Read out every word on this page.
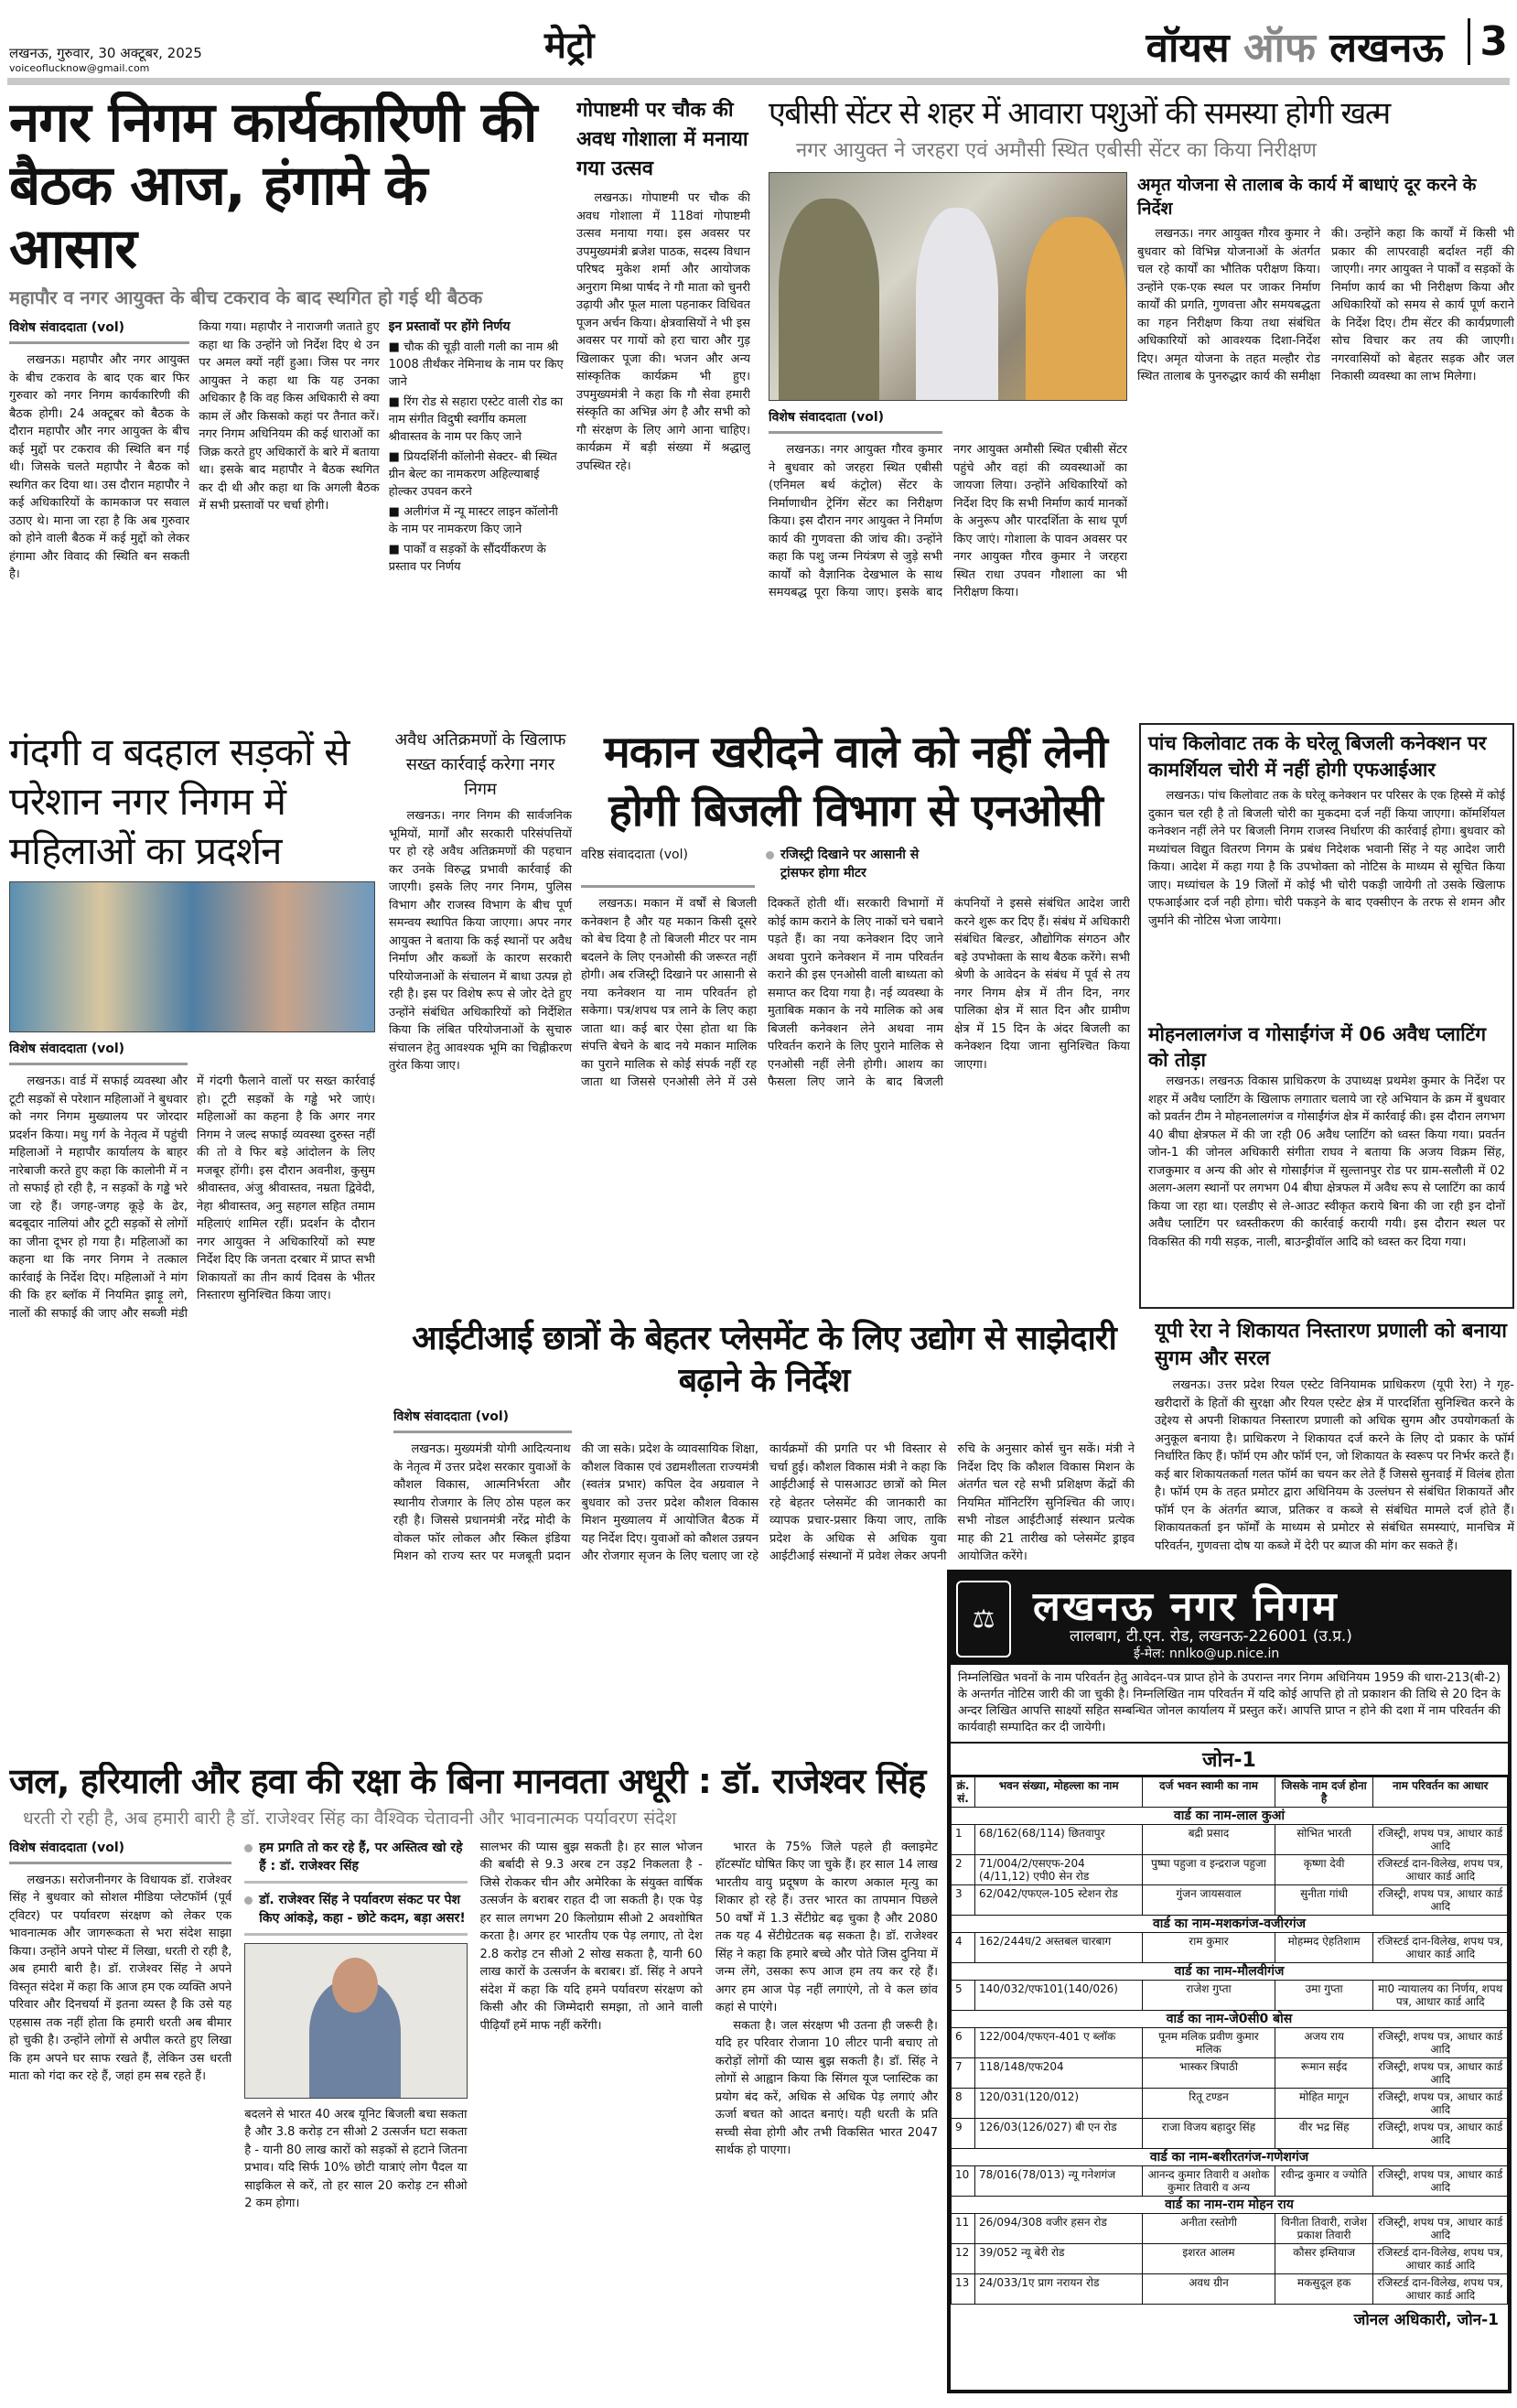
लखनऊ, गुरुवार, 30 अक्टूबर, 2025
voiceoflucknow@gmail.com
मेट्रो	वॉयस ऑफ लखनऊ 3
नगर निगम कार्यकारिणी की बैठक आज, हंगामे के आसार
महापौर व नगर आयुक्त के बीच टकराव के बाद स्थगित हो गई थी बैठक
विशेष संवाददाता (vol)

लखनऊ। महापौर और नगर आयुक्त के बीच टकराव के बाद एक बार फिर गुरुवार को नगर निगम कार्यकारिणी की बैठक होगी। 24 अक्टूबर को बैठक के दौरान महापौर और नगर आयुक्त के बीच कई मुद्दों पर टकराव की स्थिति बन गई थी। जिसके चलते महापौर ने बैठक को स्थगित कर दिया था। उस दौरान महापौर ने कई अधिकारियों के कामकाज पर सवाल उठाए थे। माना जा रहा है कि अब गुरुवार को होने वाली बैठक में कई मुद्दों को लेकर हंगामा और विवाद की स्थिति बन सकती है।

किया गया। महापौर ने नाराजगी जताते हुए कहा था कि उन्होंने जो निर्देश दिए थे उन पर अमल क्यों नहीं हुआ। जिस पर नगर आयुक्त ने कहा था कि यह उनका अधिकार है कि वह किस अधिकारी से क्या काम लें और किसको कहां पर तैनात करें। नगर निगम अधिनियम की कई धाराओं का जिक्र करते हुए अधिकारों के बारे में बताया था। इसके बाद महापौर ने बैठक स्थगित कर दी थी और कहा था कि अगली बैठक में सभी प्रस्तावों पर चर्चा होगी।

इन प्रस्तावों पर होंगे निर्णय
■ चौक की चूड़ी वाली गली का नाम श्री 1008 तीर्थंकर नेमिनाथ के नाम पर किए जाने
■ रिंग रोड से सहारा एस्टेट वाली रोड का नाम संगीत विदुषी स्वर्गीय कमला श्रीवास्तव के नाम पर किए जाने
■ प्रियदर्शिनी कॉलोनी सेक्टर- बी स्थित ग्रीन बेल्ट का नामकरण अहिल्याबाई होल्कर उपवन करने
■ अलीगंज में न्यू मास्टर लाइन कॉलोनी के नाम पर नामकरण किए जाने
■ पार्कों व सड़कों के सौंदर्यीकरण के प्रस्ताव पर निर्णय
गोपाष्टमी पर चौक की अवध गोशाला में मनाया गया उत्सव

लखनऊ। गोपाष्टमी पर चौक की अवध गोशाला में 118वां गोपाष्टमी उत्सव मनाया गया। इस अवसर पर उपमुख्यमंत्री ब्रजेश पाठक, सदस्य विधान परिषद मुकेश शर्मा और आयोजक अनुराग मिश्रा पार्षद ने गौ माता को चुनरी उढ़ायी और फूल माला पहनाकर विधिवत पूजन अर्चन किया। क्षेत्रवासियों ने भी इस अवसर पर गायों को हरा चारा और गुड़ खिलाकर पूजा की। भजन और अन्य सांस्कृतिक कार्यक्रम भी हुए। उपमुख्यमंत्री ने कहा कि गौ सेवा हमारी संस्कृति का अभिन्न अंग है और सभी को गौ संरक्षण के लिए आगे आना चाहिए। कार्यक्रम में बड़ी संख्या में श्रद्धालु उपस्थित रहे।

एबीसी सेंटर से शहर में आवारा पशुओं की समस्या होगी खत्म
नगर आयुक्त ने जरहरा एवं अमौसी स्थित एबीसी सेंटर का किया निरीक्षण
विशेष संवाददाता (vol)

लखनऊ। नगर आयुक्त गौरव कुमार ने बुधवार को जरहरा स्थित एबीसी (एनिमल बर्थ कंट्रोल) सेंटर के निर्माणाधीन ट्रेनिंग सेंटर का निरीक्षण किया। इस दौरान नगर आयुक्त ने निर्माण कार्य की गुणवत्ता की जांच की। उन्होंने कहा कि पशु जन्म नियंत्रण से जुड़े सभी कार्यों को वैज्ञानिक देखभाल के साथ समयबद्ध पूरा किया जाए। इसके बाद नगर आयुक्त अमौसी स्थित एबीसी सेंटर पहुंचे और वहां की व्यवस्थाओं का जायजा लिया। उन्होंने अधिकारियों को निर्देश दिए कि सभी निर्माण कार्य मानकों के अनुरूप और पारदर्शिता के साथ पूर्ण किए जाएं। गोशाला के पावन अवसर पर नगर आयुक्त गौरव कुमार ने जरहरा स्थित राधा उपवन गौशाला का भी निरीक्षण किया।

अमृत योजना से तालाब के कार्य में बाधाएं दूर करने के निर्देश

लखनऊ। नगर आयुक्त गौरव कुमार ने बुधवार को विभिन्न योजनाओं के अंतर्गत चल रहे कार्यों का भौतिक परीक्षण किया। उन्होंने एक-एक स्थल पर जाकर निर्माण कार्यों की प्रगति, गुणवत्ता और समयबद्धता का गहन निरीक्षण किया तथा संबंधित अधिकारियों को आवश्यक दिशा-निर्देश दिए। अमृत योजना के तहत मल्हौर रोड स्थित तालाब के पुनरुद्धार कार्य की समीक्षा की। उन्होंने कहा कि कार्यों में किसी भी प्रकार की लापरवाही बर्दाश्त नहीं की जाएगी। नगर आयुक्त ने पार्कों व सड़कों के निर्माण कार्य का भी निरीक्षण किया और अधिकारियों को समय से कार्य पूर्ण कराने के निर्देश दिए। टीम सेंटर की कार्यप्रणाली सोच विचार कर तय की जाएगी। नगरवासियों को बेहतर सड़क और जल निकासी व्यवस्था का लाभ मिलेगा।

गंदगी व बदहाल सड़कों से परेशान नगर निगम में महिलाओं का प्रदर्शन
विशेष संवाददाता (vol)

लखनऊ। वार्ड में सफाई व्यवस्था और टूटी सड़कों से परेशान महिलाओं ने बुधवार को नगर निगम मुख्यालय पर जोरदार प्रदर्शन किया। मधु गर्ग के नेतृत्व में पहुंची महिलाओं ने महापौर कार्यालय के बाहर नारेबाजी करते हुए कहा कि कालोनी में न तो सफाई हो रही है, न सड़कों के गड्ढे भरे जा रहे हैं। जगह-जगह कूड़े के ढेर, बदबूदार नालियां और टूटी सड़कों से लोगों का जीना दूभर हो गया है। महिलाओं का कहना था कि नगर निगम ने तत्काल कार्रवाई के निर्देश दिए। महिलाओं ने मांग की कि हर ब्लॉक में नियमित झाड़ू लगे, नालों की सफाई की जाए और सब्जी मंडी में गंदगी फैलाने वालों पर सख्त कार्रवाई हो। टूटी सड़कों के गड्ढे भरे जाएं। महिलाओं का कहना है कि अगर नगर निगम ने जल्द सफाई व्यवस्था दुरुस्त नहीं की तो वे फिर बड़े आंदोलन के लिए मजबूर होंगी। इस दौरान अवनीश, कुसुम श्रीवास्तव, अंजु श्रीवास्तव, नम्रता द्विवेदी, नेहा श्रीवास्तव, अनु सहगल सहित तमाम महिलाएं शामिल रहीं। प्रदर्शन के दौरान नगर आयुक्त ने अधिकारियों को स्पष्ट निर्देश दिए कि जनता दरबार में प्राप्त सभी शिकायतों का तीन कार्य दिवस के भीतर निस्तारण सुनिश्चित किया जाए।

अवैध अतिक्रमणों के खिलाफ सख्त कार्रवाई करेगा नगर निगम

लखनऊ। नगर निगम की सार्वजनिक भूमियों, मार्गों और सरकारी परिसंपत्तियों पर हो रहे अवैध अतिक्रमणों की पहचान कर उनके विरुद्ध प्रभावी कार्रवाई की जाएगी। इसके लिए नगर निगम, पुलिस विभाग और राजस्व विभाग के बीच पूर्ण समन्वय स्थापित किया जाएगा। अपर नगर आयुक्त ने बताया कि कई स्थानों पर अवैध निर्माण और कब्जों के कारण सरकारी परियोजनाओं के संचालन में बाधा उत्पन्न हो रही है। इस पर विशेष रूप से जोर देते हुए उन्होंने संबंधित अधिकारियों को निर्देशित किया कि लंबित परियोजनाओं के सुचारु संचालन हेतु आवश्यक भूमि का चिह्नीकरण तुरंत किया जाए।

मकान खरीदने वाले को नहीं लेनी होगी बिजली विभाग से एनओसी
वरिष्ठ संवाददाता (vol)	रजिस्ट्री दिखाने पर आसानी से ट्रांसफर होगा मीटर

लखनऊ। मकान में वर्षों से बिजली कनेक्शन है और यह मकान किसी दूसरे को बेच दिया है तो बिजली मीटर पर नाम बदलने के लिए एनओसी की जरूरत नहीं होगी। अब रजिस्ट्री दिखाने पर आसानी से नया कनेक्शन या नाम परिवर्तन हो सकेगा। पत्र/शपथ पत्र लाने के लिए कहा जाता था। कई बार ऐसा होता था कि संपत्ति बेचने के बाद नये मकान मालिक का पुराने मालिक से कोई संपर्क नहीं रह जाता था जिससे एनओसी लेने में उसे दिक्कतें होती थीं। सरकारी विभागों में कोई काम कराने के लिए नाकों चने चबाने पड़ते हैं। का नया कनेक्शन दिए जाने अथवा पुराने कनेक्शन में नाम परिवर्तन कराने की इस एनओसी वाली बाध्यता को समाप्त कर दिया गया है। नई व्यवस्था के मुताबिक मकान के नये मालिक को अब बिजली कनेक्शन लेने अथवा नाम परिवर्तन कराने के लिए पुराने मालिक से एनओसी नहीं लेनी होगी। आशय का फैसला लिए जाने के बाद बिजली कंपनियों ने इससे संबंधित आदेश जारी करने शुरू कर दिए हैं। संबंध में अधिकारी संबंधित बिल्डर, औद्योगिक संगठन और बड़े उपभोक्ता के साथ बैठक करेंगे। सभी श्रेणी के आवेदन के संबंध में पूर्व से तय नगर निगम क्षेत्र में तीन दिन, नगर पालिका क्षेत्र में सात दिन और ग्रामीण क्षेत्र में 15 दिन के अंदर बिजली का कनेक्शन दिया जाना सुनिश्चित किया जाएगा।

पांच किलोवाट तक के घरेलू बिजली कनेक्शन पर कामर्शियल चोरी में नहीं होगी एफआईआर

लखनऊ। पांच किलोवाट तक के घरेलू कनेक्शन पर परिसर के एक हिस्से में कोई दुकान चल रही है तो बिजली चोरी का मुकदमा दर्ज नहीं किया जाएगा। कॉमर्शियल कनेक्शन नहीं लेने पर बिजली निगम राजस्व निर्धारण की कार्रवाई होगा। बुधवार को मध्यांचल विद्युत वितरण निगम के प्रबंध निदेशक भवानी सिंह ने यह आदेश जारी किया। आदेश में कहा गया है कि उपभोक्ता को नोटिस के माध्यम से सूचित किया जाए। मध्यांचल के 19 जिलों में कोई भी चोरी पकड़ी जायेगी तो उसके खिलाफ एफआईआर दर्ज नही होगा। चोरी पकड़ने के बाद एक्सीएन के तरफ से शमन और जुर्माने की नोटिस भेजा जायेगा।

मोहनलालगंज व गोसाईंगंज में 06 अवैध प्लाटिंग को तोड़ा

लखनऊ। लखनऊ विकास प्राधिकरण के उपाध्यक्ष प्रथमेश कुमार के निर्देश पर शहर में अवैध प्लाटिंग के खिलाफ लगातार चलाये जा रहे अभियान के क्रम में बुधवार को प्रवर्तन टीम ने मोहनलालगंज व गोसाईंगंज क्षेत्र में कार्रवाई की। इस दौरान लगभग 40 बीघा क्षेत्रफल में की जा रही 06 अवैध प्लाटिंग को ध्वस्त किया गया। प्रवर्तन जोन-1 की जोनल अधिकारी संगीता राघव ने बताया कि अजय विक्रम सिंह, राजकुमार व अन्य की ओर से गोसाईंगंज में सुल्तानपुर रोड पर ग्राम-सलौली में 02 अलग-अलग स्थानों पर लगभग 04 बीघा क्षेत्रफल में अवैध रूप से प्लाटिंग का कार्य किया जा रहा था। एलडीए से ले-आउट स्वीकृत कराये बिना की जा रही इन दोनों अवैध प्लाटिंग पर ध्वस्तीकरण की कार्रवाई करायी गयी। इस दौरान स्थल पर विकसित की गयी सड़क, नाली, बाउन्ड्रीवॉल आदि को ध्वस्त कर दिया गया।

आईटीआई छात्रों के बेहतर प्लेसमेंट के लिए उद्योग से साझेदारी बढ़ाने के निर्देश
विशेष संवाददाता (vol)

लखनऊ। मुख्यमंत्री योगी आदित्यनाथ के नेतृत्व में उत्तर प्रदेश सरकार युवाओं के कौशल विकास, आत्मनिर्भरता और स्थानीय रोजगार के लिए ठोस पहल कर रही है। जिससे प्रधानमंत्री नरेंद्र मोदी के वोकल फॉर लोकल और स्किल इंडिया मिशन को राज्य स्तर पर मजबूती प्रदान की जा सके। प्रदेश के व्यावसायिक शिक्षा, कौशल विकास एवं उद्यमशीलता राज्यमंत्री (स्वतंत्र प्रभार) कपिल देव अग्रवाल ने बुधवार को उत्तर प्रदेश कौशल विकास मिशन मुख्यालय में आयोजित बैठक में यह निर्देश दिए। युवाओं को कौशल उन्नयन और रोजगार सृजन के लिए चलाए जा रहे कार्यक्रमों की प्रगति पर भी विस्तार से चर्चा हुई। कौशल विकास मंत्री ने कहा कि आईटीआई से पासआउट छात्रों को मिल रहे बेहतर प्लेसमेंट की जानकारी का व्यापक प्रचार-प्रसार किया जाए, ताकि प्रदेश के अधिक से अधिक युवा आईटीआई संस्थानों में प्रवेश लेकर अपनी रुचि के अनुसार कोर्स चुन सकें। मंत्री ने निर्देश दिए कि कौशल विकास मिशन के अंतर्गत चल रहे सभी प्रशिक्षण केंद्रों की नियमित मॉनिटरिंग सुनिश्चित की जाए। सभी नोडल आईटीआई संस्थान प्रत्येक माह की 21 तारीख को प्लेसमेंट ड्राइव आयोजित करेंगे।

यूपी रेरा ने शिकायत निस्तारण प्रणाली को बनाया सुगम और सरल

लखनऊ। उत्तर प्रदेश रियल एस्टेट विनियामक प्राधिकरण (यूपी रेरा) ने गृह-खरीदारों के हितों की सुरक्षा और रियल एस्टेट क्षेत्र में पारदर्शिता सुनिश्चित करने के उद्देश्य से अपनी शिकायत निस्तारण प्रणाली को अधिक सुगम और उपयोगकर्ता के अनुकूल बनाया है। प्राधिकरण ने शिकायत दर्ज करने के लिए दो प्रकार के फॉर्म निर्धारित किए हैं। फॉर्म एम और फॉर्म एन, जो शिकायत के स्वरूप पर निर्भर करते हैं। कई बार शिकायतकर्ता गलत फॉर्म का चयन कर लेते हैं जिससे सुनवाई में विलंब होता है। फॉर्म एम के तहत प्रमोटर द्वारा अधिनियम के उल्लंघन से संबंधित शिकायतें और फॉर्म एन के अंतर्गत ब्याज, प्रतिकर व कब्जे से संबंधित मामले दर्ज होते हैं। शिकायतकर्ता इन फॉर्मों के माध्यम से प्रमोटर से संबंधित समस्याएं, मानचित्र में परिवर्तन, गुणवत्ता दोष या कब्जे में देरी पर ब्याज की मांग कर सकते हैं।

⚖ लखनऊ नगर निगम
लालबाग, टी.एन. रोड, लखनऊ-226001 (उ.प्र.)
ई-मेल: nnlko@up.nice.in
निम्नलिखित भवनों के नाम परिवर्तन हेतु आवेदन-पत्र प्राप्त होने के उपरान्त नगर निगम अधिनियम 1959 की धारा-213(बी-2) के अन्तर्गत नोटिस जारी की जा चुकी है। निम्नलिखित नाम परिवर्तन में यदि कोई आपत्ति हो तो प्रकाशन की तिथि से 20 दिन के अन्दर लिखित आपत्ति साक्ष्यों सहित सम्बन्धित जोनल कार्यालय में प्रस्तुत करें। आपत्ति प्राप्त न होने की दशा में नाम परिवर्तन की कार्यवाही सम्पादित कर दी जायेगी।
जोन-1
क्रं. सं.	भवन संख्या, मोहल्ला का नाम	दर्ज भवन स्वामी का नाम	जिसके नाम दर्ज होना है	नाम परिवर्तन का आधार
वार्ड का नाम-लाल कुआं				
1	68/162(68/114) छितवापुर	बद्री प्रसाद	सोभित भारती	रजिस्ट्री, शपथ पत्र, आधार कार्ड आदि
2	71/004/2/एसएफ-204 (4/11,12) एपी0 सेन रोड	पुष्पा पहुजा व इन्द्रराज पहुजा	कृष्णा देवी	रजिस्टर्ड दान-विलेख, शपथ पत्र, आधार कार्ड आदि
3	62/042/एफएल-105 स्टेशन रोड	गुंजन जायसवाल	सुनीता गांधी	रजिस्ट्री, शपथ पत्र, आधार कार्ड आदि
वार्ड का नाम-मशकगंज-वजीरगंज				
4	162/244घ/2 अस्तबल चारबाग	राम कुमार	मोहम्मद ऐहतिशाम	रजिस्टर्ड दान-विलेख, शपथ पत्र, आधार कार्ड आदि
वार्ड का नाम-मौलवीगंज				
5	140/032/एफ101(140/026)	राजेश गुप्ता	उमा गुप्ता	मा0 न्यायालय का निर्णय, शपथ पत्र, आधार कार्ड आदि
वार्ड का नाम-जे0सी0 बोस				
6	122/004/एफएन-401 ए ब्लॉक	पूनम मलिक प्रवीण कुमार मलिक	अजय राय	रजिस्ट्री, शपथ पत्र, आधार कार्ड आदि
7	118/148/एफ204	भास्कर त्रिपाठी	रूमान सईद	रजिस्ट्री, शपथ पत्र, आधार कार्ड आदि
8	120/031(120/012)	रितू टण्डन	मोहित मागून	रजिस्ट्री, शपथ पत्र, आधार कार्ड आदि
9	126/03(126/027) बी एन रोड	राजा विजय बहादुर सिंह	वीर भद्र सिंह	रजिस्ट्री, शपथ पत्र, आधार कार्ड आदि
वार्ड का नाम-बशीरतगंज-गणेशगंज				
10	78/016(78/013) न्यू गनेशगंज	आनन्द कुमार तिवारी व अशोक कुमार तिवारी व अन्य	रवीन्द्र कुमार व ज्योति	रजिस्ट्री, शपथ पत्र, आधार कार्ड आदि
वार्ड का नाम-राम मोहन राय				
11	26/094/308 वजीर हसन रोड	अनीता रस्तोगी	विनीता तिवारी, राजेश प्रकाश तिवारी	रजिस्ट्री, शपथ पत्र, आधार कार्ड आदि
12	39/052 न्यू बेरी रोड	इशरत आलम	कौसर इम्तियाज	रजिस्टर्ड दान-विलेख, शपथ पत्र, आधार कार्ड आदि
13	24/033/1ए प्राग नरायन रोड	अवध ग्रीन	मकसुदूल हक	रजिस्टर्ड दान-विलेख, शपथ पत्र, आधार कार्ड आदि
जोनल अधिकारी, जोन-1
जल, हरियाली और हवा की रक्षा के बिना मानवता अधूरी : डॉ. राजेश्वर सिंह
धरती रो रही है, अब हमारी बारी है डॉ. राजेश्वर सिंह का वैश्विक चेतावनी और भावनात्मक पर्यावरण संदेश
विशेष संवाददाता (vol)

लखनऊ। सरोजनीनगर के विधायक डॉ. राजेश्वर सिंह ने बुधवार को सोशल मीडिया प्लेटफॉर्म (पूर्व ट्विटर) पर पर्यावरण संरक्षण को लेकर एक भावनात्मक और जागरूकता से भरा संदेश साझा किया। उन्होंने अपने पोस्ट में लिखा, धरती रो रही है, अब हमारी बारी है। डॉ. राजेश्वर सिंह ने अपने विस्तृत संदेश में कहा कि आज हम एक व्यक्ति अपने परिवार और दिनचर्या में इतना व्यस्त है कि उसे यह एहसास तक नहीं होता कि हमारी धरती अब बीमार हो चुकी है। उन्होंने लोगों से अपील करते हुए लिखा कि हम अपने घर साफ रखते हैं, लेकिन उस धरती माता को गंदा कर रहे हैं, जहां हम सब रहते हैं।

हम प्रगति तो कर रहे हैं, पर अस्तित्व खो रहे हैं : डॉ. राजेश्वर सिंह
डॉ. राजेश्वर सिंह ने पर्यावरण संकट पर पेश किए आंकड़े, कहा - छोटे कदम, बड़ा असर!

बदलने से भारत 40 अरब यूनिट बिजली बचा सकता है और 3.8 करोड़ टन सीओ 2 उत्सर्जन घटा सकता है - यानी 80 लाख कारों को सड़कों से हटाने जितना प्रभाव। यदि सिर्फ 10% छोटी यात्राएं लोग पैदल या साइकिल से करें, तो हर साल 20 करोड़ टन सीओ 2 कम होगा।

सालभर की प्यास बुझ सकती है। हर साल भोजन की बर्बादी से 9.3 अरब टन उड़2 निकलता है - जिसे रोककर चीन और अमेरिका के संयुक्त वार्षिक उत्सर्जन के बराबर राहत दी जा सकती है। एक पेड़ हर साल लगभग 20 किलोग्राम सीओ 2 अवशोषित करता है। अगर हर भारतीय एक पेड़ लगाए, तो देश 2.8 करोड़ टन सीओ 2 सोख सकता है, यानी 60 लाख कारों के उत्सर्जन के बराबर। डॉ. सिंह ने अपने संदेश में कहा कि यदि हमने पर्यावरण संरक्षण को किसी और की जिम्मेदारी समझा, तो आने वाली पीढ़ियाँ हमें माफ नहीं करेंगी।

भारत के 75% जिले पहले ही क्लाइमेट हॉटस्पॉट घोषित किए जा चुके हैं। हर साल 14 लाख भारतीय वायु प्रदूषण के कारण अकाल मृत्यु का शिकार हो रहे हैं। उत्तर भारत का तापमान पिछले 50 वर्षों में 1.3 सेंटीग्रेट बढ़ चुका है और 2080 तक यह 4 सेंटीग्रेटतक बढ़ सकता है। डॉ. राजेश्वर सिंह ने कहा कि हमारे बच्चे और पोते जिस दुनिया में जन्म लेंगे, उसका रूप आज हम तय कर रहे हैं। अगर हम आज पेड़ नहीं लगाएंगे, तो वे कल छांव कहां से पाएंगे।

सकता है। जल संरक्षण भी उतना ही जरूरी है। यदि हर परिवार रोजाना 10 लीटर पानी बचाए तो करोड़ों लोगों की प्यास बुझ सकती है। डॉ. सिंह ने लोगों से आह्वान किया कि सिंगल यूज प्लास्टिक का प्रयोग बंद करें, अधिक से अधिक पेड़ लगाएं और ऊर्जा बचत को आदत बनाएं। यही धरती के प्रति सच्ची सेवा होगी और तभी विकसित भारत 2047 सार्थक हो पाएगा।
